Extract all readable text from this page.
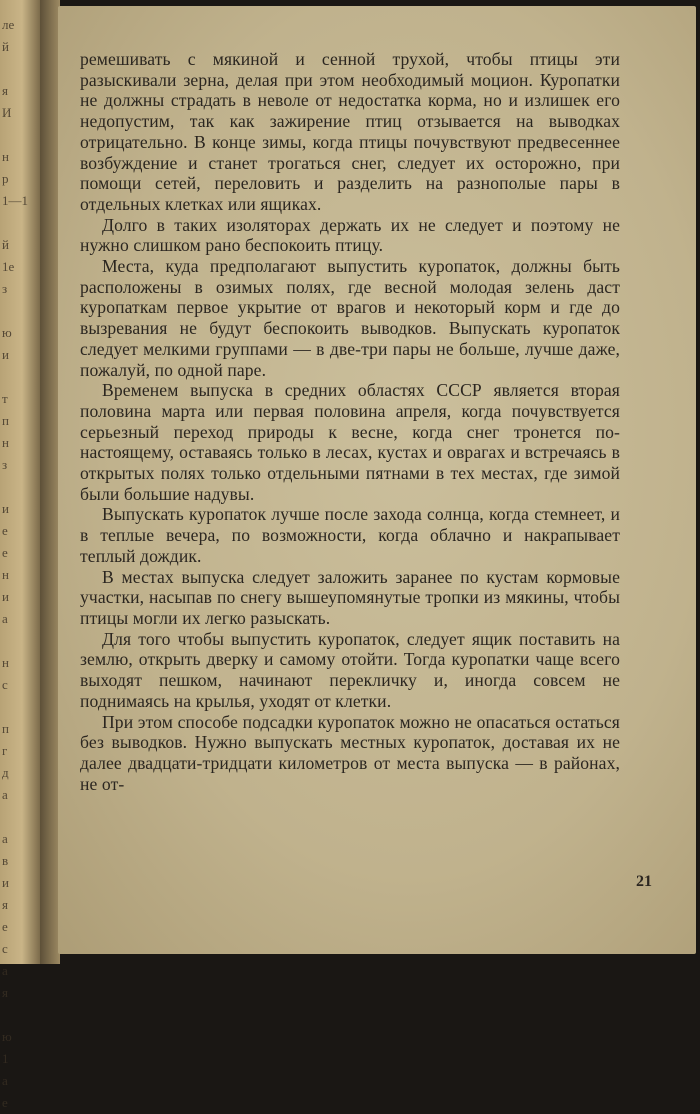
ле
й

я
И

н
р
1—1

й
1е
з

ю
и

т
п
н
з

и
е
е
н
и
а

н
с

п
г
д
а

а
в
и
я
е
с
а
я

ю
1
а
е

ремешивать с мякиной и сенной трухой, чтобы птицы эти разыскивали зерна, делая при этом необходимый моцион. Куропатки не должны страдать в неволе от недостатка корма, но и излишек его недопустим, так как зажирение птиц отзывается на выводках отрицательно. В конце зимы, когда птицы почувствуют предвесеннее возбуждение и станет трогаться снег, следует их осторожно, при помощи сетей, переловить и разделить на разнополые пары в отдельных клетках или ящиках.

Долго в таких изоляторах держать их не следует и поэтому не нужно слишком рано беспокоить птицу.

Места, куда предполагают выпустить куропаток, должны быть расположены в озимых полях, где весной молодая зелень даст куропаткам первое укрытие от врагов и некоторый корм и где до вызревания не будут беспокоить выводков. Выпускать куропаток следует мелкими группами — в две-три пары не больше, лучше даже, пожалуй, по одной паре.

Временем выпуска в средних областях СССР является вторая половина марта или первая половина апреля, когда почувствуется серьезный переход природы к весне, когда снег тронется по-настоящему, оставаясь только в лесах, кустах и оврагах и встречаясь в открытых полях только отдельными пятнами в тех местах, где зимой были большие надувы.

Выпускать куропаток лучше после захода солнца, когда стемнеет, и в теплые вечера, по возможности, когда облачно и накрапывает теплый дождик.

В местах выпуска следует заложить заранее по кустам кормовые участки, насыпав по снегу вышеупомянутые тропки из мякины, чтобы птицы могли их легко разыскать.

Для того чтобы выпустить куропаток, следует ящик поставить на землю, открыть дверку и самому отойти. Тогда куропатки чаще всего выходят пешком, начинают перекличку и, иногда совсем не поднимаясь на крылья, уходят от клетки.

При этом способе подсадки куропаток можно не опасаться остаться без выводков. Нужно выпускать местных куропаток, доставая их не далее двадцати-тридцати километров от места выпуска — в районах, не от-

21
